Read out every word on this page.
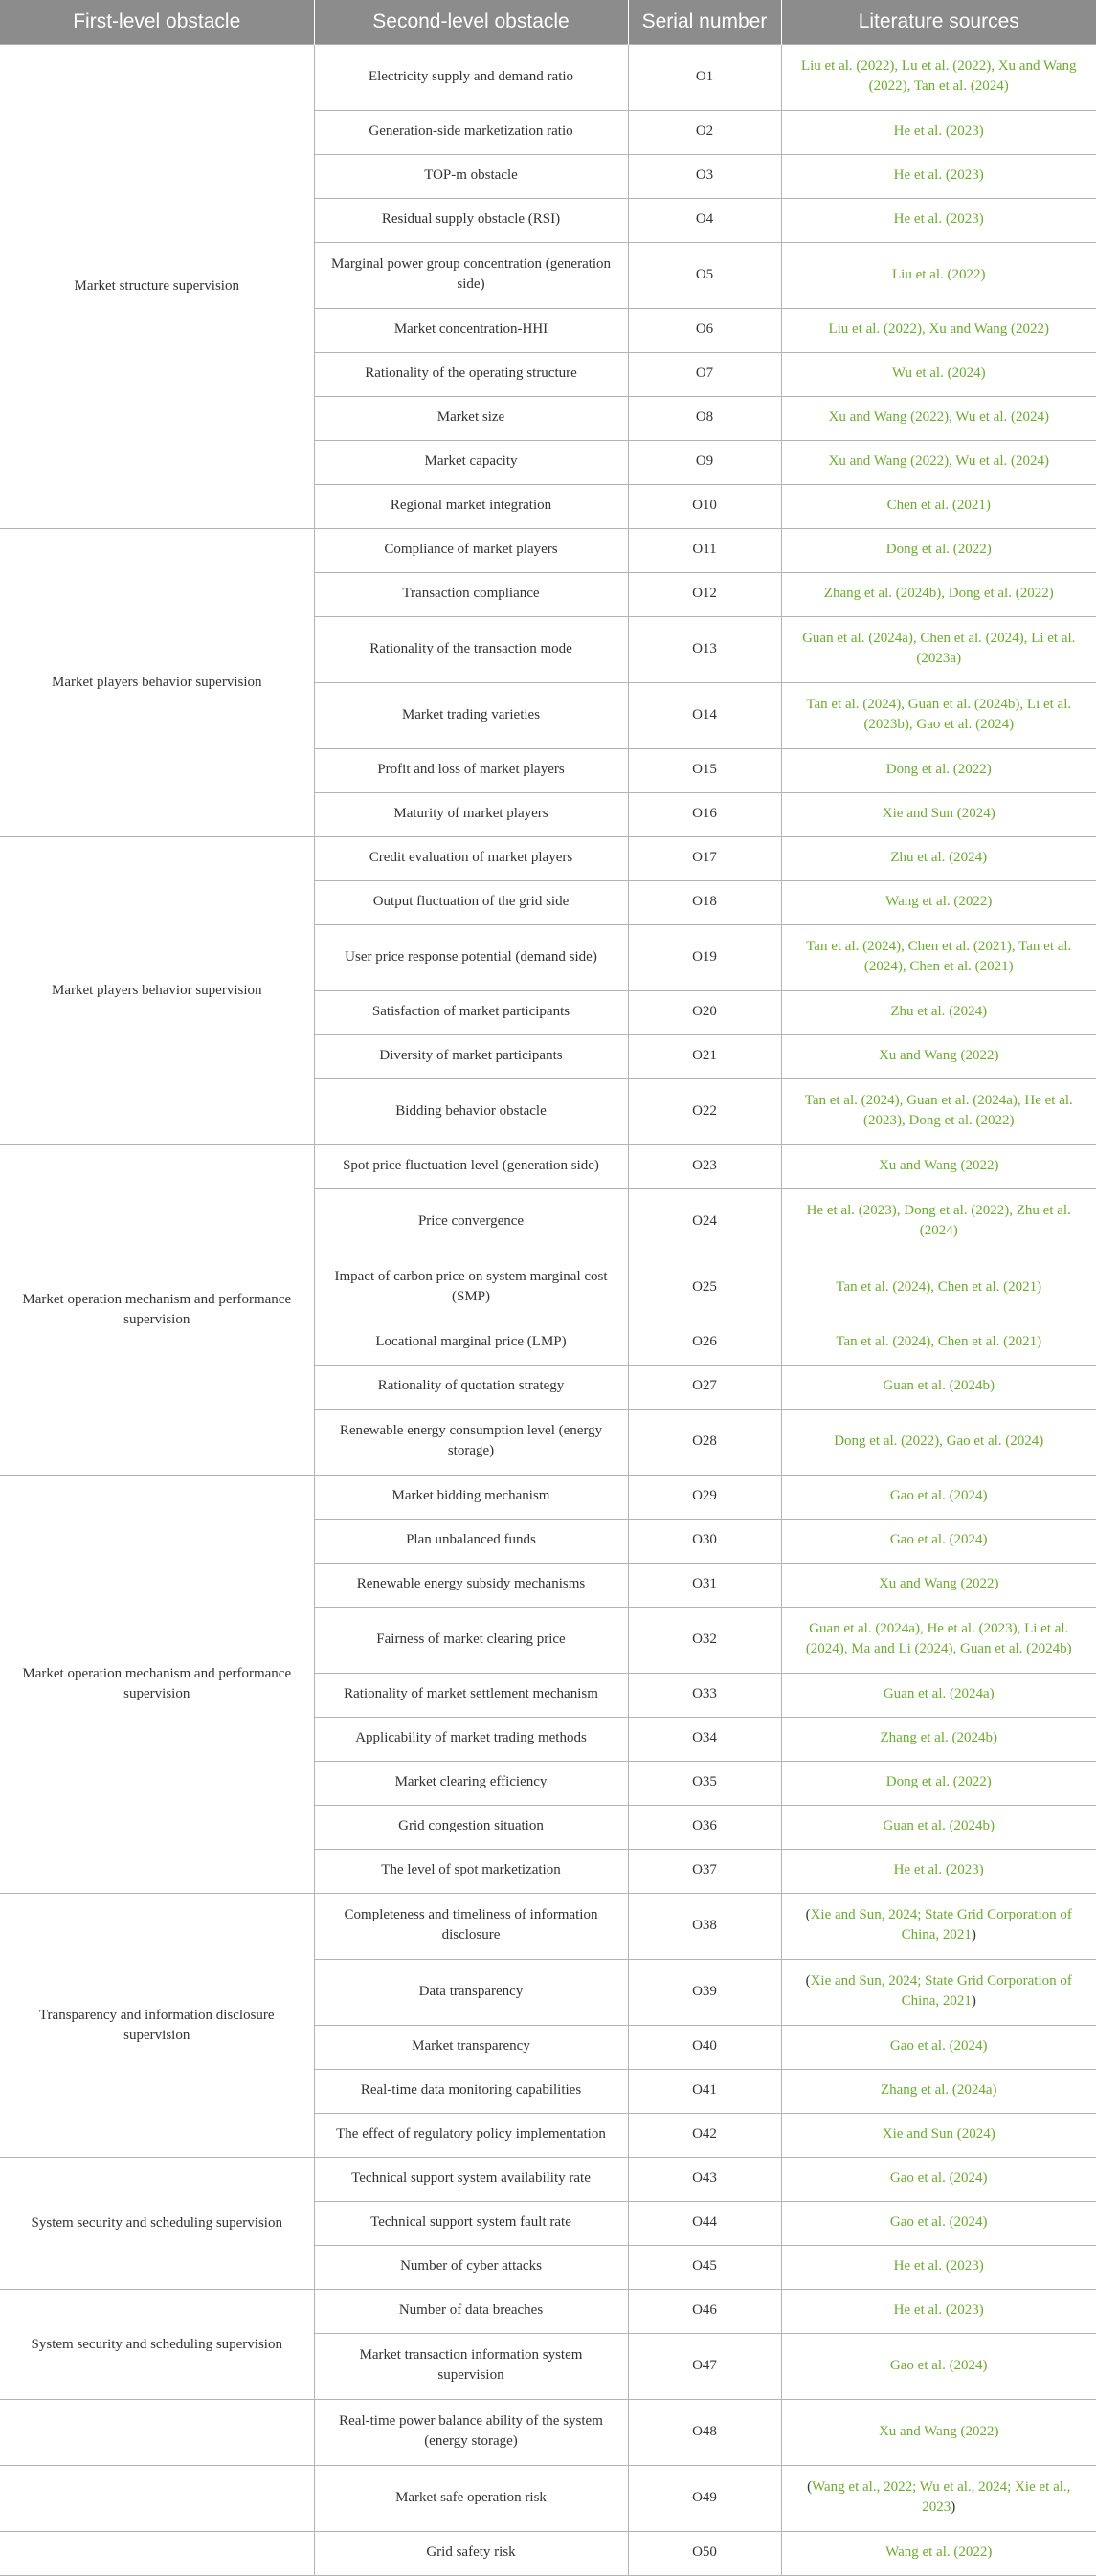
First-level obstacle	Second-level obstacle	Serial number	Literature sources
Market structure supervision	Electricity supply and demand ratio	O1	Liu et al. (2022), Lu et al. (2022), Xu and Wang (2022), Tan et al. (2024)
	Generation-side marketization ratio	O2	He et al. (2023)
	TOP-m obstacle	O3	He et al. (2023)
	Residual supply obstacle (RSI)	O4	He et al. (2023)
	Marginal power group concentration (generation side)	O5	Liu et al. (2022)
	Market concentration-HHI	O6	Liu et al. (2022), Xu and Wang (2022)
	Rationality of the operating structure	O7	Wu et al. (2024)
	Market size	O8	Xu and Wang (2022), Wu et al. (2024)
	Market capacity	O9	Xu and Wang (2022), Wu et al. (2024)
	Regional market integration	O10	Chen et al. (2021)
Market players behavior supervision	Compliance of market players	O11	Dong et al. (2022)
	Transaction compliance	O12	Zhang et al. (2024b), Dong et al. (2022)
	Rationality of the transaction mode	O13	Guan et al. (2024a), Chen et al. (2024), Li et al. (2023a)
	Market trading varieties	O14	Tan et al. (2024), Guan et al. (2024b), Li et al. (2023b), Gao et al. (2024)
	Profit and loss of market players	O15	Dong et al. (2022)
	Maturity of market players	O16	Xie and Sun (2024)
Market players behavior supervision	Credit evaluation of market players	O17	Zhu et al. (2024)
	Output fluctuation of the grid side	O18	Wang et al. (2022)
	User price response potential (demand side)	O19	Tan et al. (2024), Chen et al. (2021), Tan et al. (2024), Chen et al. (2021)
	Satisfaction of market participants	O20	Zhu et al. (2024)
	Diversity of market participants	O21	Xu and Wang (2022)
	Bidding behavior obstacle	O22	Tan et al. (2024), Guan et al. (2024a), He et al. (2023), Dong et al. (2022)
Market operation mechanism and performance supervision	Spot price fluctuation level (generation side)	O23	Xu and Wang (2022)
	Price convergence	O24	He et al. (2023), Dong et al. (2022), Zhu et al. (2024)
	Impact of carbon price on system marginal cost (SMP)	O25	Tan et al. (2024), Chen et al. (2021)
	Locational marginal price (LMP)	O26	Tan et al. (2024), Chen et al. (2021)
	Rationality of quotation strategy	O27	Guan et al. (2024b)
	Renewable energy consumption level (energy storage)	O28	Dong et al. (2022), Gao et al. (2024)
Market operation mechanism and performance supervision	Market bidding mechanism	O29	Gao et al. (2024)
	Plan unbalanced funds	O30	Gao et al. (2024)
	Renewable energy subsidy mechanisms	O31	Xu and Wang (2022)
	Fairness of market clearing price	O32	Guan et al. (2024a), He et al. (2023), Li et al. (2024), Ma and Li (2024), Guan et al. (2024b)
	Rationality of market settlement mechanism	O33	Guan et al. (2024a)
	Applicability of market trading methods	O34	Zhang et al. (2024b)
	Market clearing efficiency	O35	Dong et al. (2022)
	Grid congestion situation	O36	Guan et al. (2024b)
	The level of spot marketization	O37	He et al. (2023)
Transparency and information disclosure supervision	Completeness and timeliness of information disclosure	O38	(Xie and Sun, 2024; State Grid Corporation of China, 2021)
	Data transparency	O39	(Xie and Sun, 2024; State Grid Corporation of China, 2021)
	Market transparency	O40	Gao et al. (2024)
	Real-time data monitoring capabilities	O41	Zhang et al. (2024a)
	The effect of regulatory policy implementation	O42	Xie and Sun (2024)
System security and scheduling supervision	Technical support system availability rate	O43	Gao et al. (2024)
	Technical support system fault rate	O44	Gao et al. (2024)
	Number of cyber attacks	O45	He et al. (2023)
System security and scheduling supervision	Number of data breaches	O46	He et al. (2023)
	Market transaction information system supervision	O47	Gao et al. (2024)
	Real-time power balance ability of the system (energy storage)	O48	Xu and Wang (2022)
	Market safe operation risk	O49	(Wang et al., 2022; Wu et al., 2024; Xie et al., 2023)
	Grid safety risk	O50	Wang et al. (2022)
